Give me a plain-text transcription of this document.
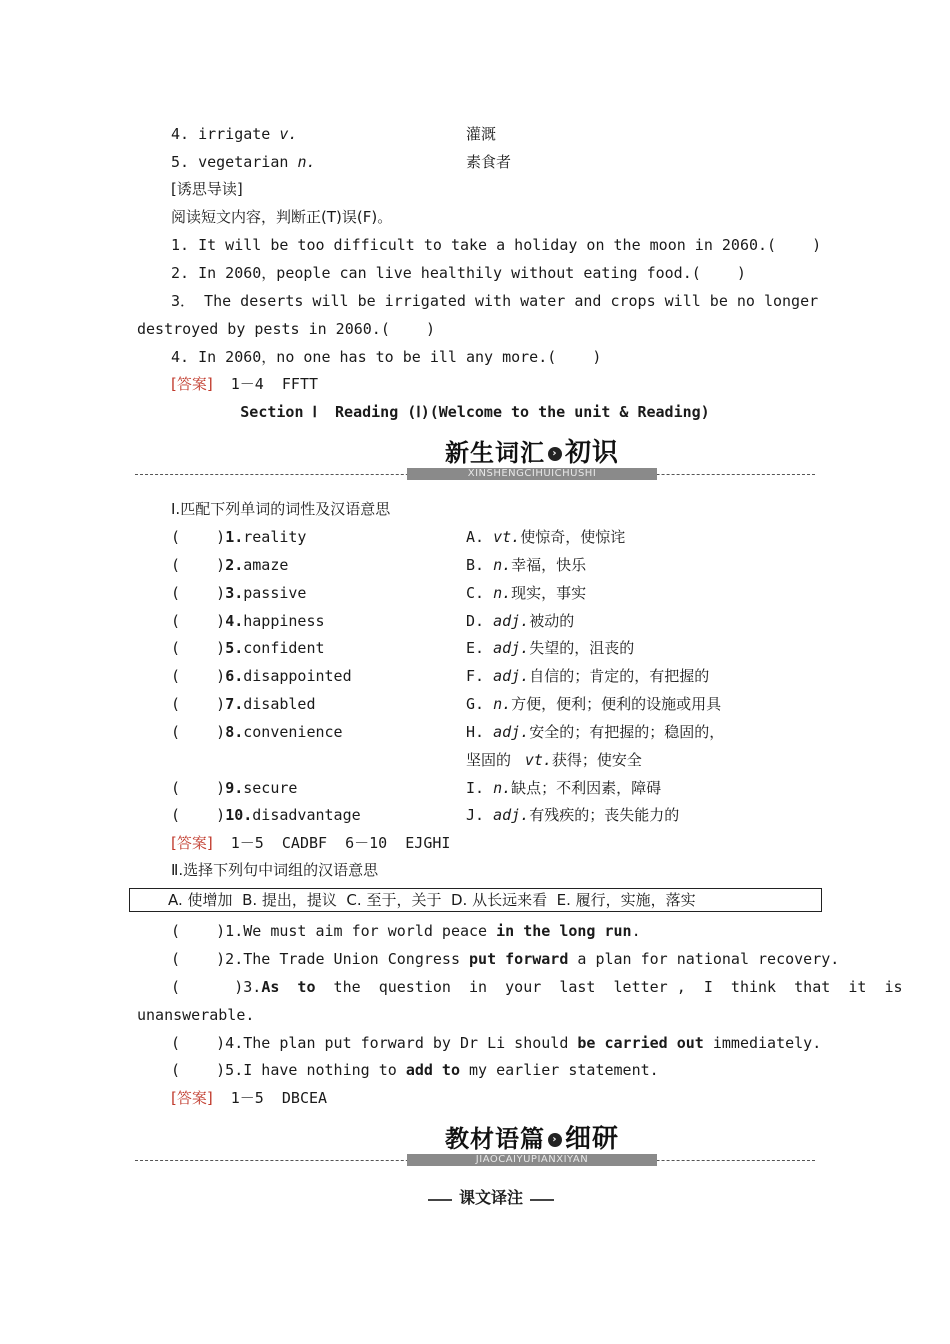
4. irrigate v.	灌溉
5. vegetarian n.	素食者
[诱思导读]
阅读短文内容，判断正(T)误(F)。
1. It will be too difficult to take a holiday on the moon in 2060.(    )
2. In 2060，people can live healthily without eating food.(    )
3． The deserts will be irrigated with water and crops will be no longer
destroyed by pests in 2060.(    )
4. In 2060，no one has to be ill any more.(    )
[答案]  1－4  FFTT
Section Ⅰ  Reading (Ⅰ)(Welcome to the unit & Reading)
新生词汇 › 初识
XINSHENGCIHUICHUSHI
Ⅰ.匹配下列单词的词性及汉语意思
(    )1.reality	A. vt.使惊奇，使惊诧
(    )2.amaze	B. n.幸福，快乐
(    )3.passive	C. n.现实，事实
(    )4.happiness	D. adj.被动的
(    )5.confident	E. adj.失望的，沮丧的
(    )6.disappointed	F. adj.自信的；肯定的，有把握的
(    )7.disabled	G. n.方便，便利；便利的设施或用具
(    )8.convenience	H. adj.安全的；有把握的；稳固的，
坚固的  vt.获得；使安全
(    )9.secure	I. n.缺点；不利因素，障碍
(    )10.disadvantage	J. adj.有残疾的；丧失能力的
[答案]  1－5  CADBF  6－10  EJGHI
Ⅱ.选择下列句中词组的汉语意思
A. 使增加  B. 提出，提议  C. 至于，关于  D. 从长远来看  E. 履行，实施，落实
(    )1.We must aim for world peace in the long run.
(    )2.The Trade Union Congress put forward a plan for national recovery.
(      )3.As  to  the  question  in  your  last  letter ,  I  think  that  it  is
unanswerable.
(    )4.The plan put forward by Dr Li should be carried out immediately.
(    )5.I have nothing to add to my earlier statement.
[答案]  1－5  DBCEA
教材语篇 › 细研
JIAOCAIYUPIANXIYAN
课文译注
